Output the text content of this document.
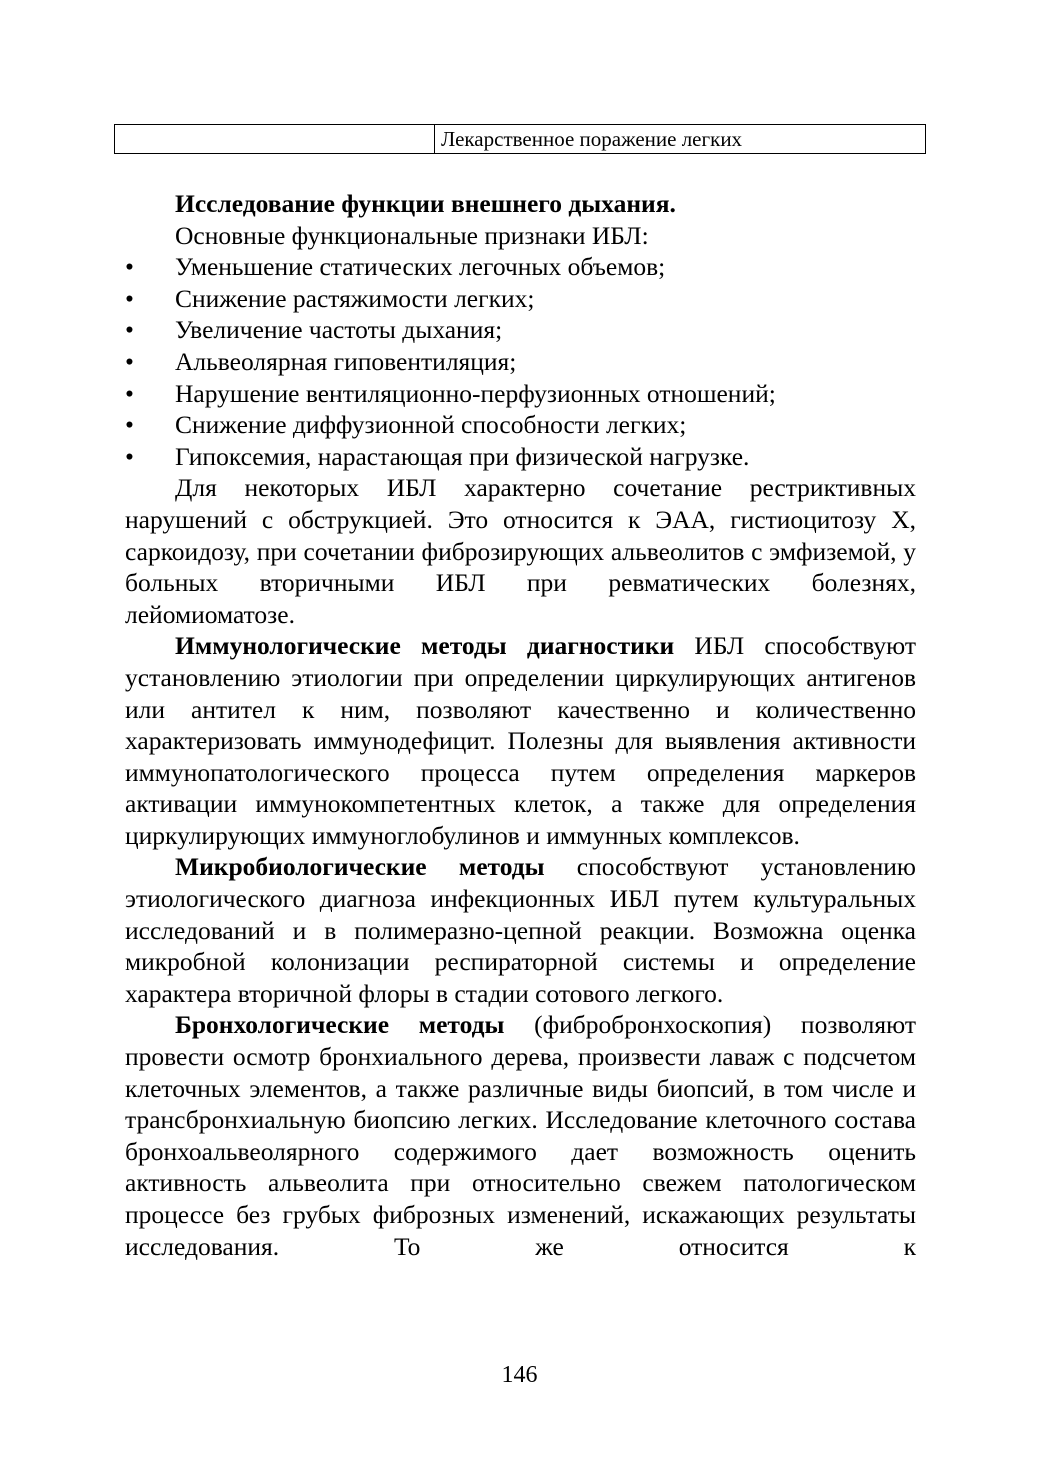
Лекарственное поражение легких

Исследование функции внешнего дыхания.

Основные функциональные признаки ИБЛ:

• Уменьшение статических легочных объемов;
• Снижение растяжимости легких;
• Увеличение частоты дыхания;
• Альвеолярная гиповентиляция;
• Нарушение вентиляционно-перфузионных отношений;
• Снижение диффузионной способности легких;
• Гипоксемия, нарастающая при физической нагрузке.

Для некоторых ИБЛ характерно сочетание рестриктивных нарушений с обструкцией. Это относится к ЭАА, гистиоцитозу Х, саркоидозу, при сочетании фиброзирующих альвеолитов с эмфиземой, у больных вторичными ИБЛ при ревматических болезнях, лейомиоматозе.

Иммунологические методы диагностики ИБЛ способствуют установлению этиологии при определении циркулирующих антигенов или антител к ним, позволяют качественно и количественно характеризовать иммунодефицит. Полезны для выявления активности иммунопатологического процесса путем определения маркеров активации иммунокомпетентных клеток, а также для определения циркулирующих иммуноглобулинов и иммунных комплексов.

Микробиологические методы способствуют установлению этиологического диагноза инфекционных ИБЛ путем культуральных исследований и в полимеразно-цепной реакции. Возможна оценка микробной колонизации респираторной системы и определение характера вторичной флоры в стадии сотового легкого.

Бронхологические методы (фибробронхоскопия) позволяют провести осмотр бронхиального дерева, произвести лаваж с подсчетом клеточных элементов, а также различные виды биопсий, в том числе и трансбронхиальную биопсию легких. Исследование клеточного состава бронхоальвеолярного содержимого дает возможность оценить активность альвеолита при относительно свежем патологическом процессе без грубых фиброзных изменений, искажающих результаты исследования. То же относится к

146
